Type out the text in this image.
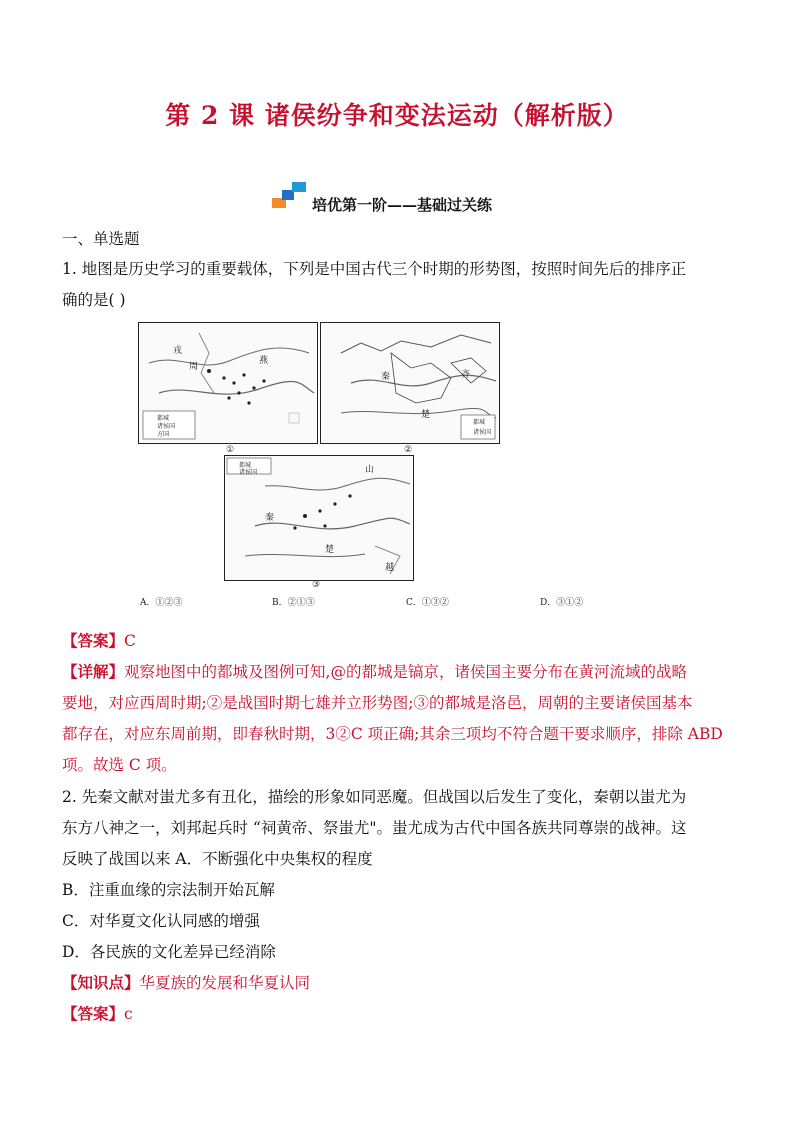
第 2 课 诸侯纷争和变法运动（解析版）
培优第一阶——基础过关练
一、单选题
1. 地图是历史学习的重要载体，下列是中国古代三个时期的形势图，按照时间先后的排序正
确的是( )
周
戎
燕
都城
诸侯国
方国
①
秦	齐
楚
都城
诸侯国
②
山
秦
楚
越
都城
诸侯国
③
A．①②③	B．②①③	C．①③②	D．③①②
【答案】C
【详解】观察地图中的都城及图例可知,@的都城是镐京，诸侯国主要分布在黄河流域的战略
要地，对应西周时期;②是战国时期七雄并立形势图;③的都城是洛邑，周朝的主要诸侯国基本
都存在，对应东周前期，即春秋时期，3②C 项正确;其余三项均不符合题干要求顺序，排除 ABD
项。故选 C 项。
2. 先秦文献对蚩尤多有丑化，描绘的形象如同恶魔。但战国以后发生了变化，秦朝以蚩尤为
东方八神之一，刘邦起兵时 “祠黄帝、祭蚩尤"。蚩尤成为古代中国各族共同尊崇的战神。这
反映了战国以来 A．不断强化中央集权的程度
B．注重血缘的宗法制开始瓦解
C．对华夏文化认同感的增强
D．各民族的文化差异已经消除
【知识点】华夏族的发展和华夏认同
【答案】c
